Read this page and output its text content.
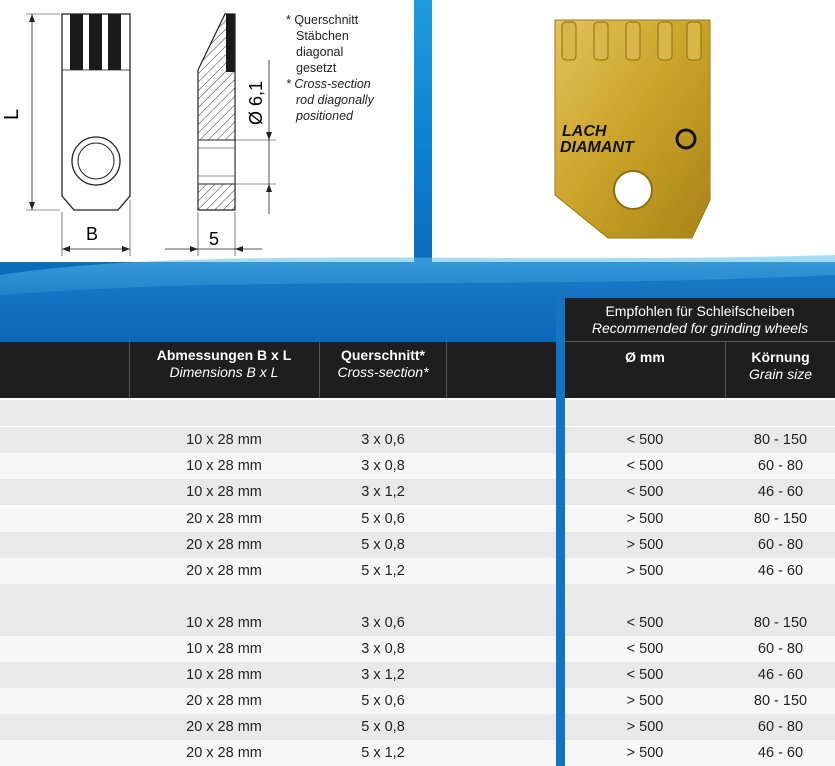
L
B	5
Ø 6,1
* Querschnitt
Stäbchen
diagonal
gesetzt
* Cross-section
rod diagonally
positioned
LACH
DIAMANT
Abmessungen B x L
Dimensions B x L
Querschnitt*
Cross-section*
Empfohlen für Schleifscheiben
Recommended for grinding wheels
Ø mm	Körnung
Grain size
10 x 28 mm	3 x 0,6	< 500	80 - 150
10 x 28 mm	3 x 0,8	< 500	60 - 80
10 x 28 mm	3 x 1,2	< 500	46 - 60
20 x 28 mm	5 x 0,6	> 500	80 - 150
20 x 28 mm	5 x 0,8	> 500	60 - 80
20 x 28 mm	5 x 1,2	> 500	46 - 60
10 x 28 mm	3 x 0,6	< 500	80 - 150
10 x 28 mm	3 x 0,8	< 500	60 - 80
10 x 28 mm	3 x 1,2	< 500	46 - 60
20 x 28 mm	5 x 0,6	> 500	80 - 150
20 x 28 mm	5 x 0,8	> 500	60 - 80
20 x 28 mm	5 x 1,2	> 500	46 - 60
